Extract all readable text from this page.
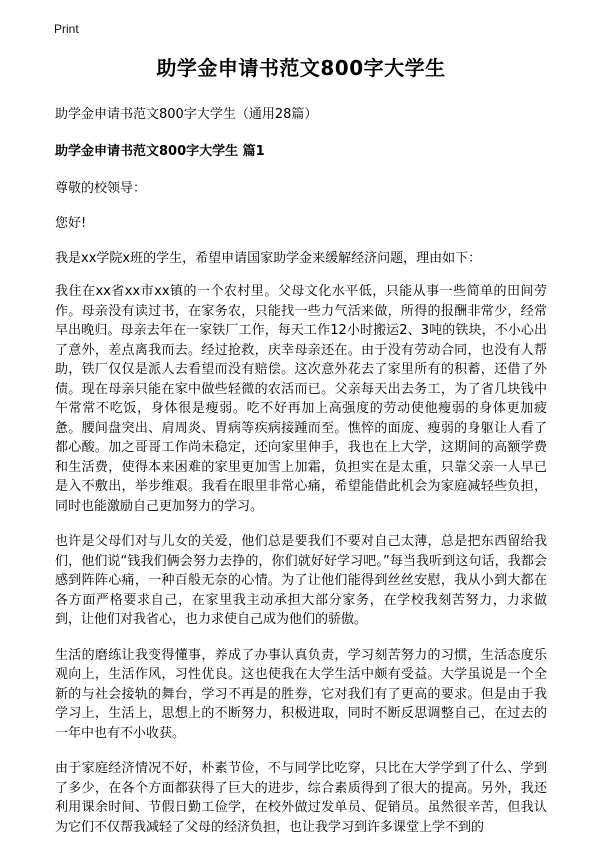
Print
助学金申请书范文800字大学生
助学金申请书范文800字大学生（通用28篇）
助学金申请书范文800字大学生 篇1
尊敬的校领导：
您好!
我是xx学院x班的学生，希望申请国家助学金来缓解经济问题，理由如下：

我住在xx省xx市xx镇的一个农村里。父母文化水平低，只能从事一些简单的田间劳作。母亲没有读过书，在家务农，只能找一些力气活来做，所得的报酬非常少，经常早出晚归。母亲去年在一家铁厂工作，每天工作12小时搬运2、3吨的铁块，不小心出了意外，差点离我而去。经过抢救，庆幸母亲还在。由于没有劳动合同，也没有人帮助，铁厂仅仅是派人去看望而没有赔偿。这次意外花去了家里所有的积蓄，还借了外债。现在母亲只能在家中做些轻微的农活而已。父亲每天出去务工，为了省几块钱中午常常不吃饭，身体很是瘦弱。吃不好再加上高强度的劳动使他瘦弱的身体更加疲惫。腰间盘突出、肩周炎、胃病等疾病接踵而至。憔悴的面庞、瘦弱的身躯让人看了都心酸。加之哥哥工作尚未稳定，还向家里伸手，我也在上大学，这期间的高额学费和生活费，使得本来困难的家里更加雪上加霜，负担实在是太重，只靠父亲一人早已是入不敷出，举步维艰。我看在眼里非常心痛，希望能借此机会为家庭减轻些负担，同时也能激励自己更加努力的学习。

也许是父母们对与儿女的关爱，他们总是要我们不要对自己太薄，总是把东西留给我们，他们说“钱我们俩会努力去挣的，你们就好好学习吧。”每当我听到这句话，我都会感到阵阵心痛，一种百般无奈的心情。为了让他们能得到丝丝安慰，我从小到大都在各方面严格要求自己，在家里我主动承担大部分家务，在学校我刻苦努力，力求做到，让他们对我省心，也力求使自己成为他们的骄傲。

生活的磨练让我变得懂事，养成了办事认真负责，学习刻苦努力的习惯，生活态度乐观向上，生活作风，习性优良。这也使我在大学生活中颇有受益。大学虽说是一个全新的与社会接轨的舞台，学习不再是的胜券，它对我们有了更高的要求。但是由于我学习上，生活上，思想上的不断努力，积极进取，同时不断反思调整自己，在过去的一年中也有不小收获。

由于家庭经济情况不好，朴素节俭，不与同学比吃穿，只比在大学学到了什么、学到了多少，在各个方面都获得了巨大的进步，综合素质得到了很大的提高。另外，我还利用课余时间、节假日勤工俭学，在校外做过发单员、促销员。虽然很辛苦，但我认为它们不仅帮我减轻了父母的经济负担，也让我学习到许多课堂上学不到的
